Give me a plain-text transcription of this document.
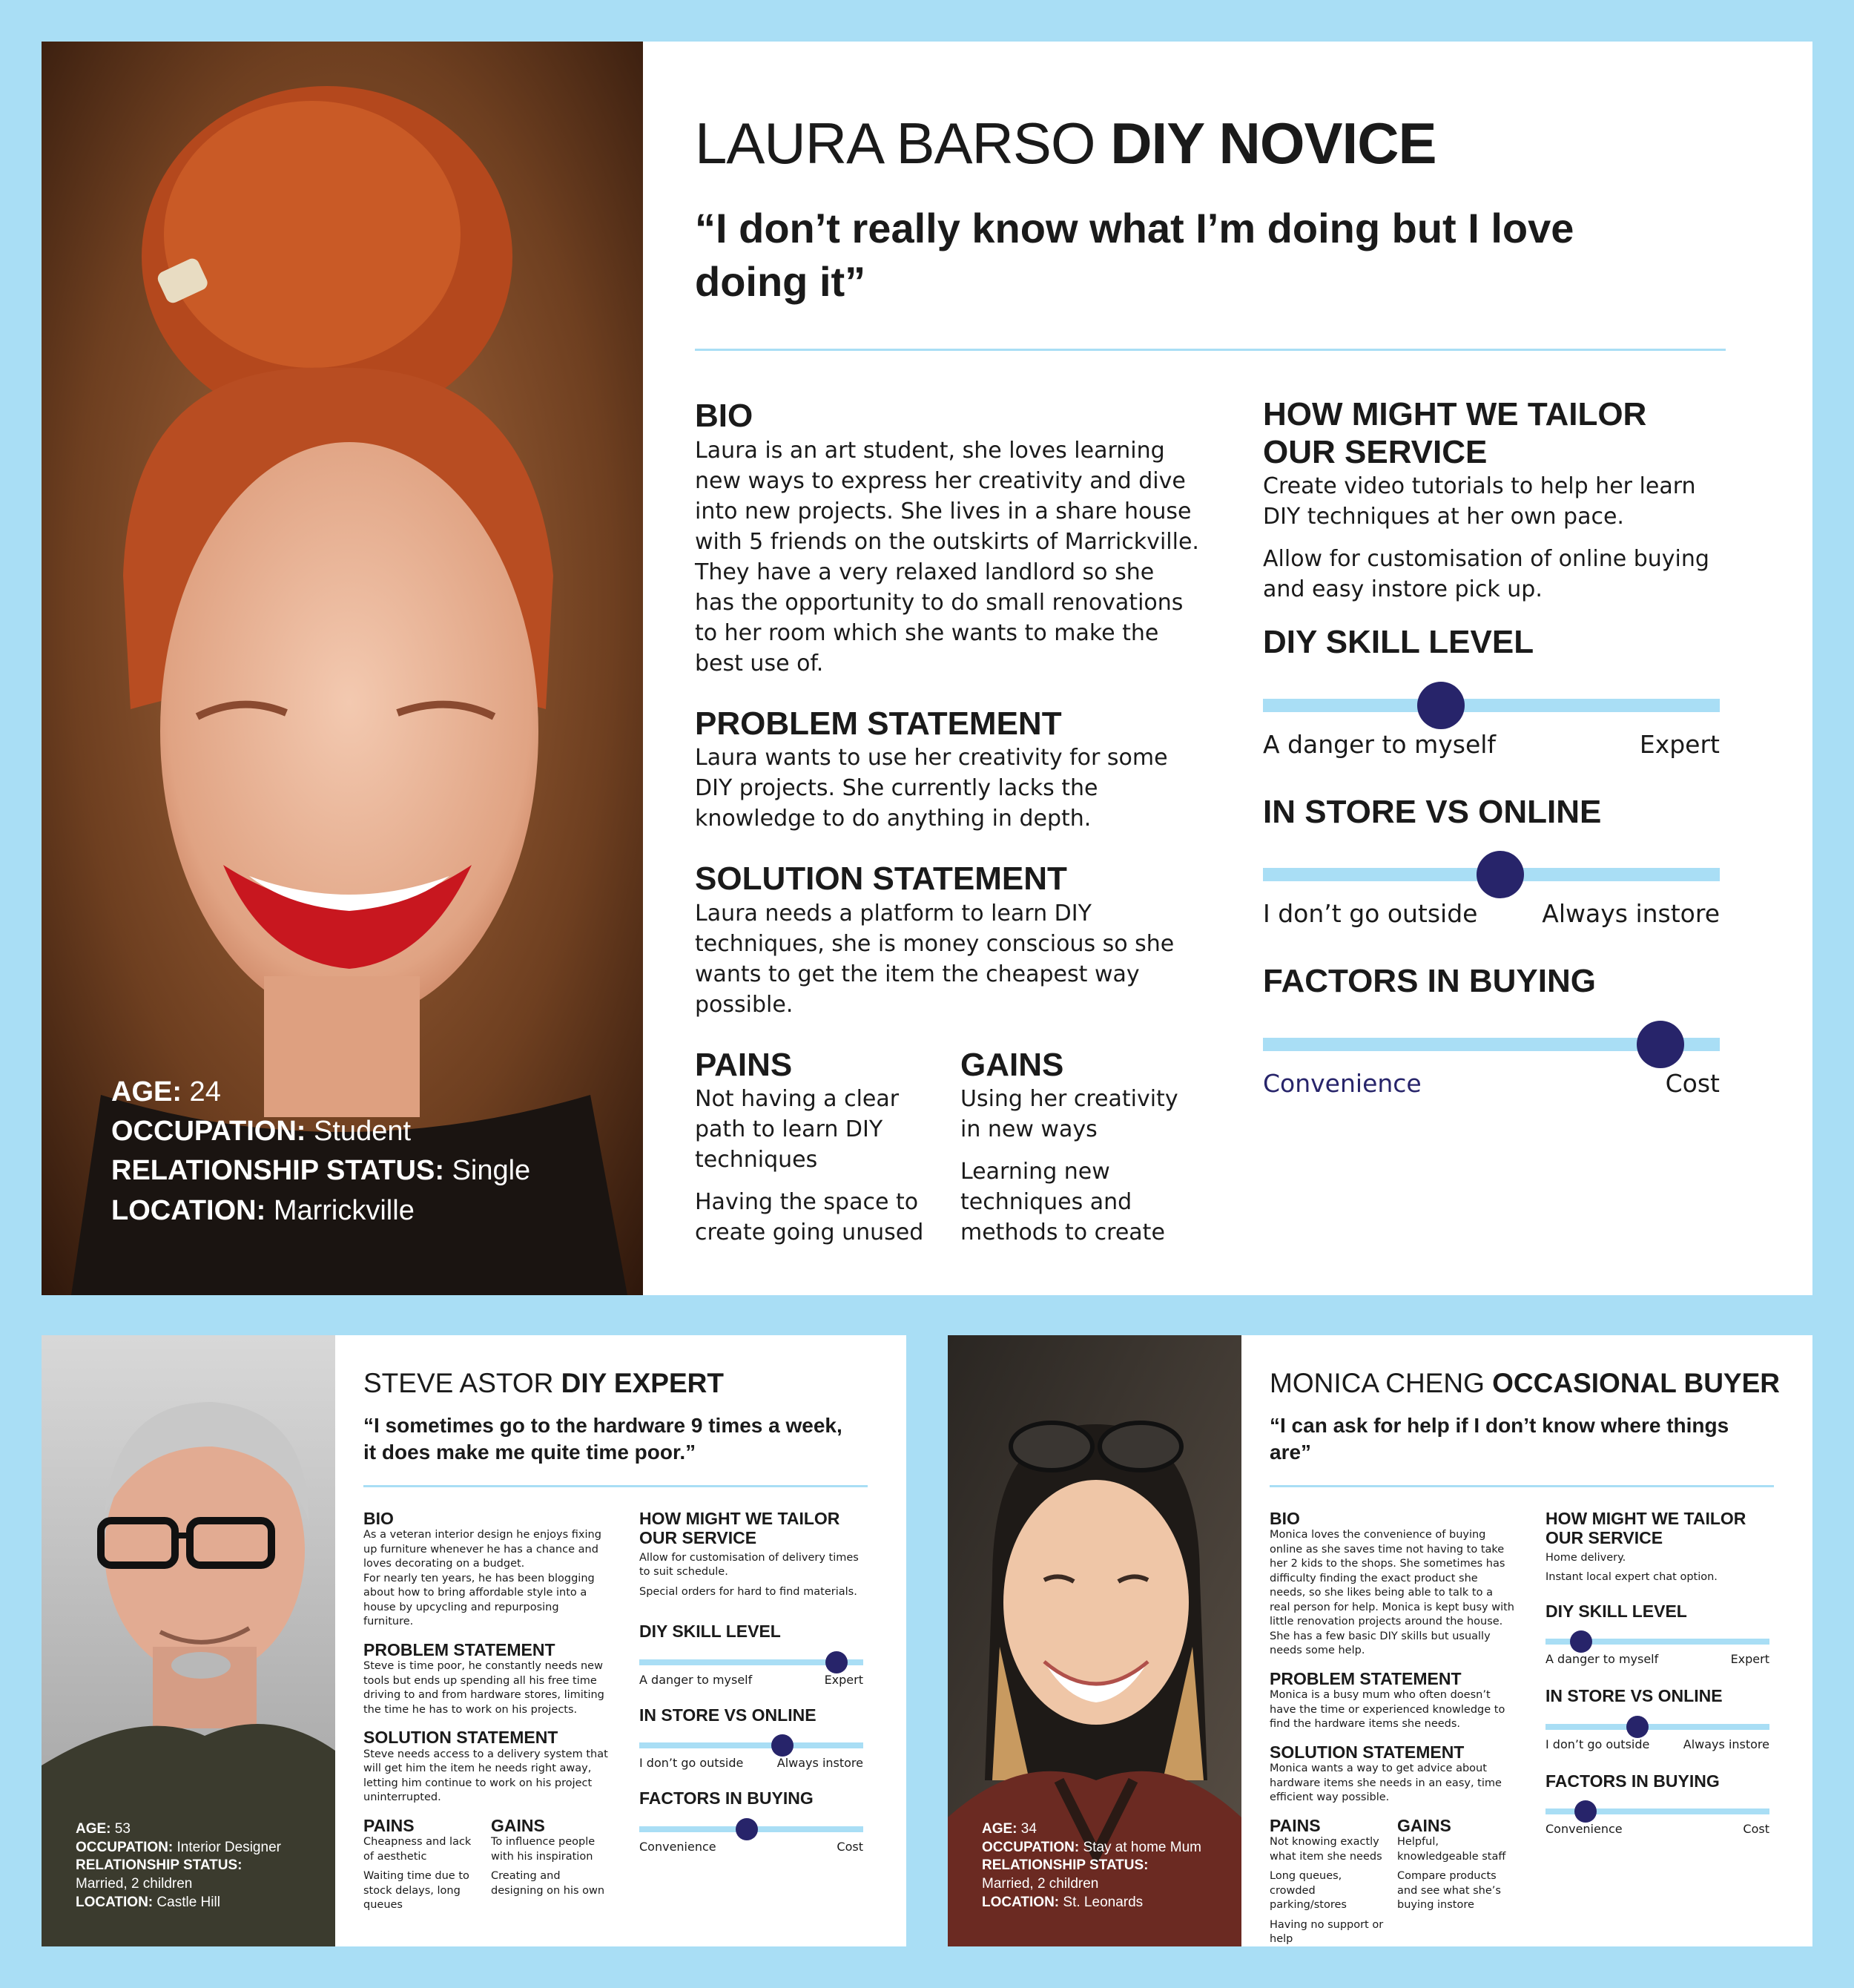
AGE: 24
OCCUPATION: Student
RELATIONSHIP STATUS: Single
LOCATION: Marrickville
LAURA BARSO DIY NOVICE
“I don’t really know what I’m doing but I love doing it”
BIO
Laura is an art student, she loves learning new ways to express her creativity and dive into new projects. She lives in a share house with 5 friends on the outskirts of Marrickville.
They have a very relaxed landlord so she has the opportunity to do small renovations to her room which she wants to make the best use of.
PROBLEM STATEMENT
Laura wants to use her creativity for some DIY projects. She currently lacks the knowledge to do anything in depth.
SOLUTION STATEMENT
Laura needs a platform to learn DIY techniques, she is money conscious so she wants to get the item the cheapest way possible.
PAINS
Not having a clear path to learn DIY techniques
Having the space to create going unused
GAINS
Using her creativity in new ways
Learning new techniques and methods to create
HOW MIGHT WE TAILOR OUR SERVICE
Create video tutorials to help her learn DIY techniques at her own pace.
Allow for customisation of online buying and easy instore pick up.
DIY SKILL LEVEL
A danger to myself	Expert
IN STORE VS ONLINE
I don’t go outside	Always instore
FACTORS IN BUYING
Convenience	Cost
AGE: 53
OCCUPATION: Interior Designer
RELATIONSHIP STATUS:
Married, 2 children
LOCATION: Castle Hill
STEVE ASTOR DIY EXPERT
“I sometimes go to the hardware 9 times a week, it does make me quite time poor.”
BIO
As a veteran interior design he enjoys fixing up furniture whenever he has a chance and loves decorating on a budget.
For nearly ten years, he has been blogging about how to bring affordable style into a house by upcycling and repurposing furniture.
PROBLEM STATEMENT
Steve is time poor, he constantly needs new tools but ends up spending all his free time driving to and from hardware stores, limiting the time he has to work on his projects.
SOLUTION STATEMENT
Steve needs access to a delivery system that will get him the item he needs right away, letting him continue to work on his project uninterrupted.
PAINS
Cheapness and lack of aesthetic
Waiting time due to stock delays, long queues
GAINS
To influence people with his inspiration
Creating and designing on his own
HOW MIGHT WE TAILOR OUR SERVICE
Allow for customisation of delivery times to suit schedule.
Special orders for hard to find materials.
DIY SKILL LEVEL
A danger to myself	Expert
IN STORE VS ONLINE
I don’t go outside	Always instore
FACTORS IN BUYING
Convenience	Cost
AGE: 34
OCCUPATION: Stay at home Mum
RELATIONSHIP STATUS:
Married, 2 children
LOCATION: St. Leonards
MONICA CHENG OCCASIONAL BUYER
“I can ask for help if I don’t know where things are”
BIO
Monica loves the convenience of buying online as she saves time not having to take her 2 kids to the shops. She sometimes has difficulty finding the exact product she needs, so she likes being able to talk to a real person for help. Monica is kept busy with little renovation projects around the house. She has a few basic DIY skills but usually needs some help.
PROBLEM STATEMENT
Monica is a busy mum who often doesn’t have the time or experienced knowledge to find the hardware items she needs.
SOLUTION STATEMENT
Monica wants a way to get advice about hardware items she needs in an easy, time efficient way possible.
PAINS
Not knowing exactly what item she needs
Long queues, crowded parking/stores
Having no support or help
GAINS
Helpful, knowledgeable staff
Compare products and see what she’s buying instore
HOW MIGHT WE TAILOR OUR SERVICE
Home delivery.
Instant local expert chat option.
DIY SKILL LEVEL
A danger to myself	Expert
IN STORE VS ONLINE
I don’t go outside	Always instore
FACTORS IN BUYING
Convenience	Cost
